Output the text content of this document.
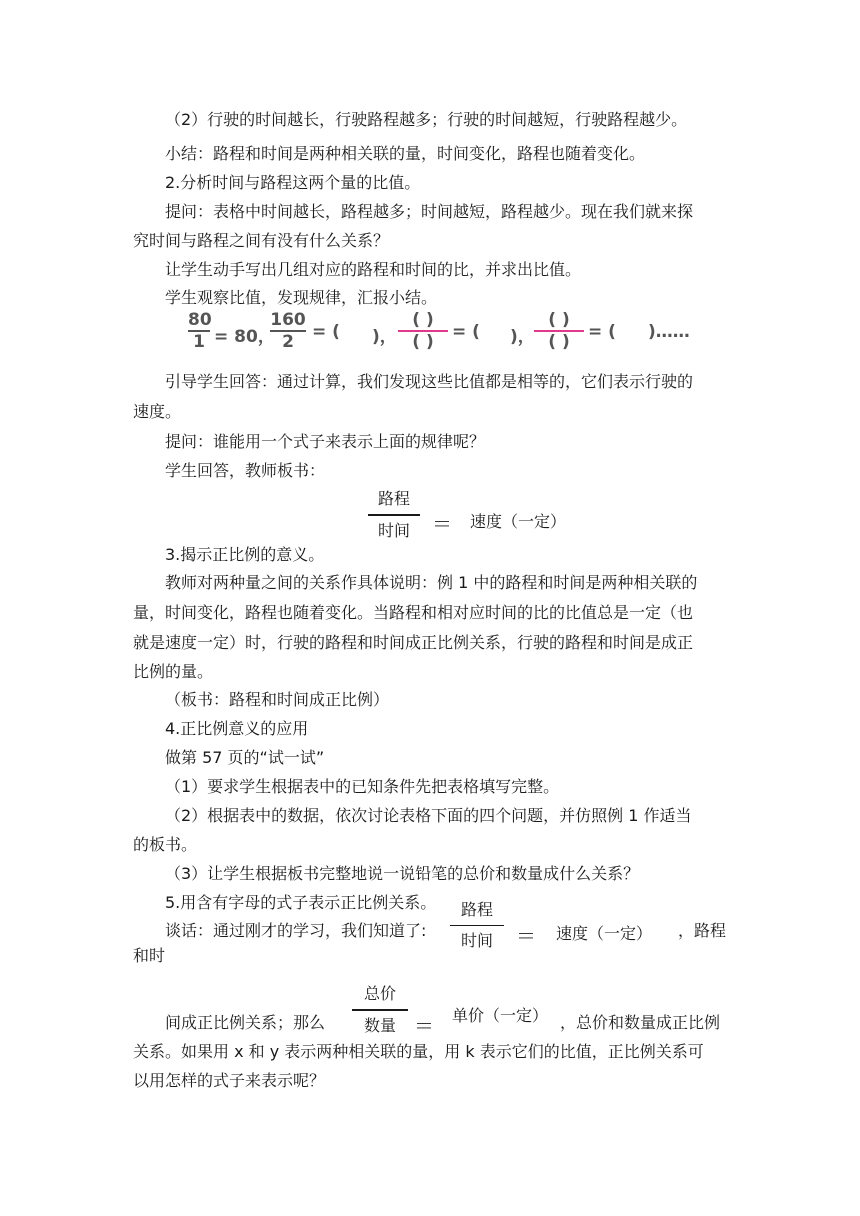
（2）行驶的时间越长，行驶路程越多；行驶的时间越短，行驶路程越少。
小结：路程和时间是两种相关联的量，时间变化，路程也随着变化。
2.分析时间与路程这两个量的比值。
提问：表格中时间越长，路程越多；时间越短，路程越少。现在我们就来探
究时间与路程之间有没有什么关系？
让学生动手写出几组对应的路程和时间的比，并求出比值。
学生观察比值，发现规律，汇报小结。
80
1 = 80，
160
2	= ( )，
( )
( )	= ( )，
( )
( )	= ( )……
引导学生回答：通过计算，我们发现这些比值都是相等的，它们表示行驶的
速度。
提问：谁能用一个式子来表示上面的规律呢？
学生回答，教师板书：
路程
时间	＝ 速度（一定）
3.揭示正比例的意义。
教师对两种量之间的关系作具体说明：例 1 中的路程和时间是两种相关联的
量，时间变化，路程也随着变化。当路程和相对应时间的比的比值总是一定（也
就是速度一定）时，行驶的路程和时间成正比例关系，行驶的路程和时间是成正
比例的量。
（板书：路程和时间成正比例）
4.正比例意义的应用
做第 57 页的“试一试”
（1）要求学生根据表中的已知条件先把表格填写完整。
（2）根据表中的数据，依次讨论表格下面的四个问题，并仿照例 1 作适当
的板书。
（3）让学生根据板书完整地说一说铅笔的总价和数量成什么关系？
5.用含有字母的式子表示正比例关系。
谈话：通过刚才的学习，我们知道了:
路程
时间	＝ 速度（一定） ，路程
和时
总价
数量
间成正比例关系；那么	＝ 单价（一定） ，总价和数量成正比例
关系。如果用 x 和 y 表示两种相关联的量，用 k 表示它们的比值，正比例关系可
以用怎样的式子来表示呢？
